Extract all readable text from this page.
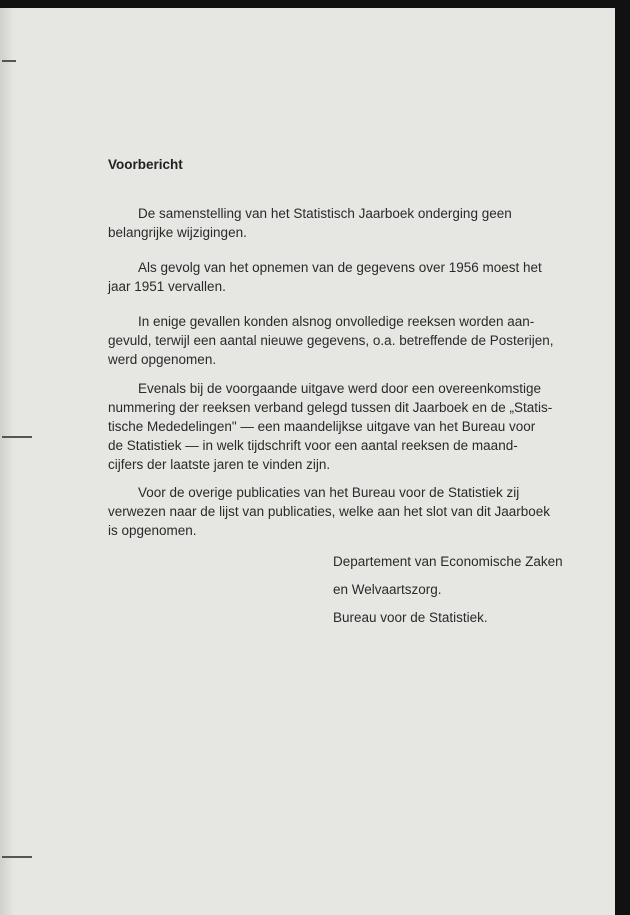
Voorbericht
De samenstelling van het Statistisch Jaarboek onderging geen
belangrijke wijzigingen.
Als gevolg van het opnemen van de gegevens over 1956 moest het
jaar 1951 vervallen.
In enige gevallen konden alsnog onvolledige reeksen worden aan-
gevuld, terwijl een aantal nieuwe gegevens, o.a. betreffende de Posterijen,
werd opgenomen.
Evenals bij de voorgaande uitgave werd door een overeenkomstige
nummering der reeksen verband gelegd tussen dit Jaarboek en de „Statis-
tische Mededelingen" — een maandelijkse uitgave van het Bureau voor
de Statistiek — in welk tijdschrift voor een aantal reeksen de maand-
cijfers der laatste jaren te vinden zijn.
Voor de overige publicaties van het Bureau voor de Statistiek zij
verwezen naar de lijst van publicaties, welke aan het slot van dit Jaarboek
is opgenomen.
Departement van Economische Zaken
en Welvaartszorg.
Bureau voor de Statistiek.
